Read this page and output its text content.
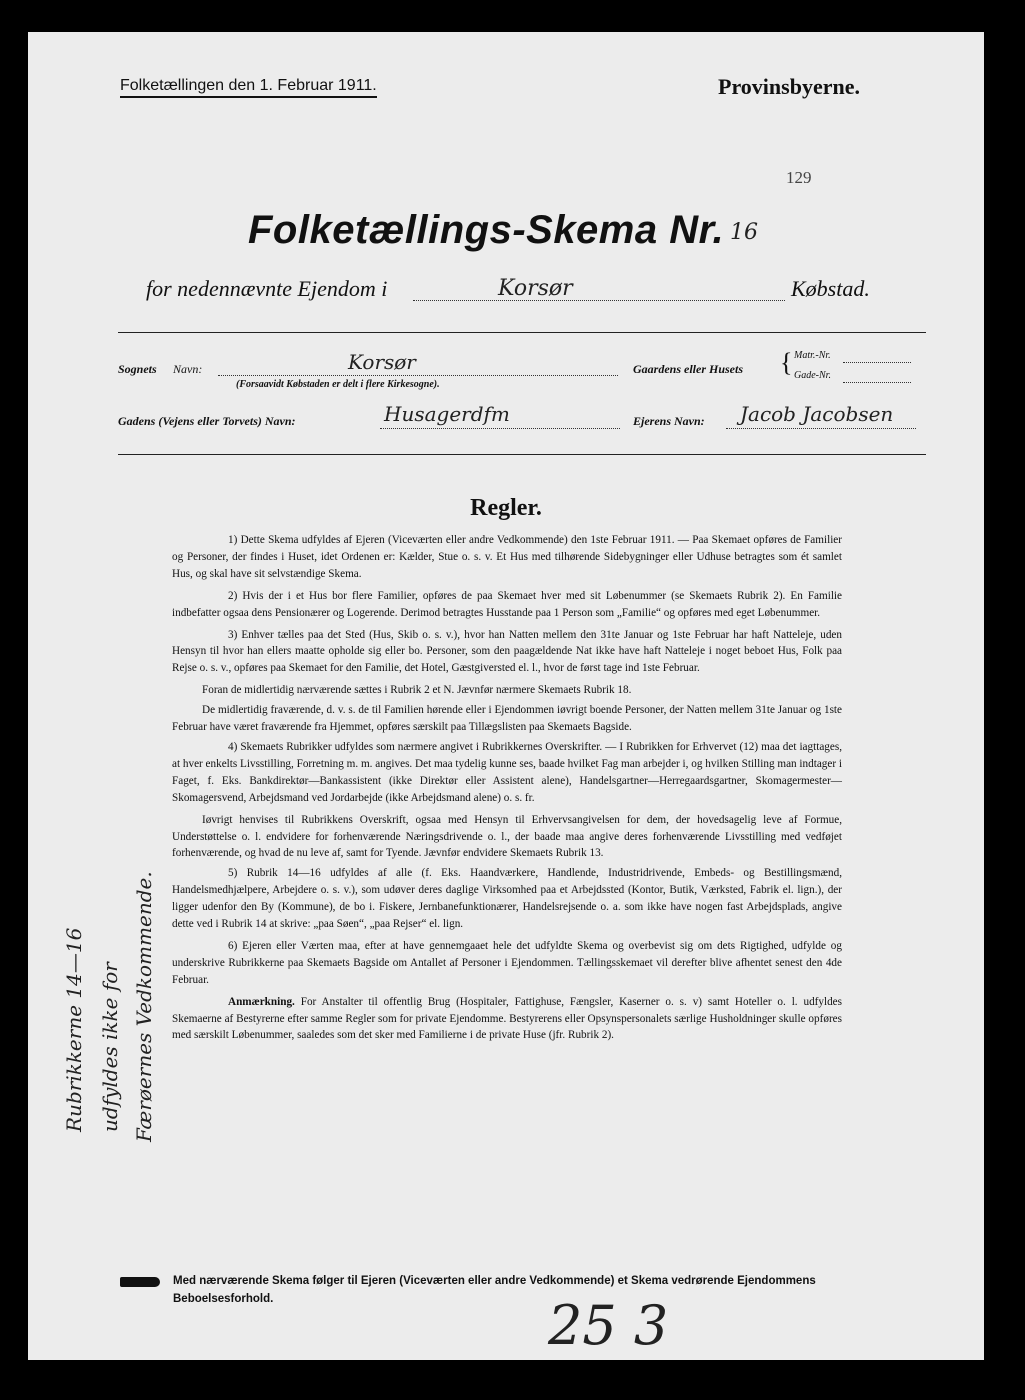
Folketællingen den 1. Februar 1911.	Provinsbyerne.
129
Folketællings-Skema Nr. 16
for nedennævnte Ejendom i	Korsør	Købstad.
Sognets Navn:	Korsør
(Forsaavidt Købstaden er delt i flere Kirkesogne).
Gaardens eller Husets { Matr.-Nr.
Gade-Nr.
Gadens (Vejens eller Torvets) Navn:	Husagerdfm	Ejerens Navn: Jacob Jacobsen
Regler.

1) Dette Skema udfyldes af Ejeren (Viceværten eller andre Vedkommende) den 1ste Februar 1911. — Paa Skemaet opføres de Familier og Personer, der findes i Huset, idet Ordenen er: Kælder, Stue o. s. v. Et Hus med tilhørende Sidebygninger eller Udhuse betragtes som ét samlet Hus, og skal have sit selvstændige Skema.

2) Hvis der i et Hus bor flere Familier, opføres de paa Skemaet hver med sit Løbenummer (se Skemaets Rubrik 2). En Familie indbefatter ogsaa dens Pensionærer og Logerende. Derimod betragtes Husstande paa 1 Person som „Familie“ og opføres med eget Løbenummer.

3) Enhver tælles paa det Sted (Hus, Skib o. s. v.), hvor han Natten mellem den 31te Januar og 1ste Februar har haft Natteleje, uden Hensyn til hvor han ellers maatte opholde sig eller bo. Personer, som den paagældende Nat ikke have haft Natteleje i noget beboet Hus, Folk paa Rejse o. s. v., opføres paa Skemaet for den Familie, det Hotel, Gæstgiversted el. l., hvor de først tage ind 1ste Februar.

Foran de midlertidig nærværende sættes i Rubrik 2 et N. Jævnfør nærmere Skemaets Rubrik 18.

De midlertidig fraværende, d. v. s. de til Familien hørende eller i Ejendommen iøvrigt boende Personer, der Natten mellem 31te Januar og 1ste Februar have været fraværende fra Hjemmet, opføres særskilt paa Tillægslisten paa Skemaets Bagside.

4) Skemaets Rubrikker udfyldes som nærmere angivet i Rubrikkernes Overskrifter. — I Rubrikken for Erhvervet (12) maa det iagttages, at hver enkelts Livsstilling, Forretning m. m. angives. Det maa tydelig kunne ses, baade hvilket Fag man arbejder i, og hvilken Stilling man indtager i Faget, f. Eks. Bankdirektør—Bankassistent (ikke Direktør eller Assistent alene), Handelsgartner—Herregaardsgartner, Skomagermester—Skomagersvend, Arbejdsmand ved Jordarbejde (ikke Arbejdsmand alene) o. s. fr.

Iøvrigt henvises til Rubrikkens Overskrift, ogsaa med Hensyn til Erhvervsangivelsen for dem, der hovedsagelig leve af Formue, Understøttelse o. l. endvidere for forhenværende Næringsdrivende o. l., der baade maa angive deres forhenværende Livsstilling med vedføjet forhenværende, og hvad de nu leve af, samt for Tyende. Jævnfør endvidere Skemaets Rubrik 13.

5) Rubrik 14—16 udfyldes af alle (f. Eks. Haandværkere, Handlende, Industridrivende, Embeds- og Bestillingsmænd, Handelsmedhjælpere, Arbejdere o. s. v.), som udøver deres daglige Virksomhed paa et Arbejdssted (Kontor, Butik, Værksted, Fabrik el. lign.), der ligger udenfor den By (Kommune), de bo i. Fiskere, Jernbanefunktionærer, Handelsrejsende o. a. som ikke have nogen fast Arbejdsplads, angive dette ved i Rubrik 14 at skrive: „paa Søen“, „paa Rejser“ el. lign.

6) Ejeren eller Værten maa, efter at have gennemgaaet hele det udfyldte Skema og overbevist sig om dets Rigtighed, udfylde og underskrive Rubrikkerne paa Skemaets Bagside om Antallet af Personer i Ejendommen. Tællingsskemaet vil derefter blive afhentet senest den 4de Februar.

Anmærkning. For Anstalter til offentlig Brug (Hospitaler, Fattighuse, Fængsler, Kaserner o. s. v) samt Hoteller o. l. udfyldes Skemaerne af Bestyrerne efter samme Regler som for private Ejendomme. Bestyrerens eller Opsynspersonalets særlige Husholdninger skulle opføres med særskilt Løbenummer, saaledes som det sker med Familierne i de private Huse (jfr. Rubrik 2).

Rubrikkerne 14—16 udfyldes ikke for Færøernes Vedkommende.
Med nærværende Skema følger til Ejeren (Viceværten eller andre Vedkommende) et Skema vedrørende Ejendommens Beboelsesforhold.	25 3
